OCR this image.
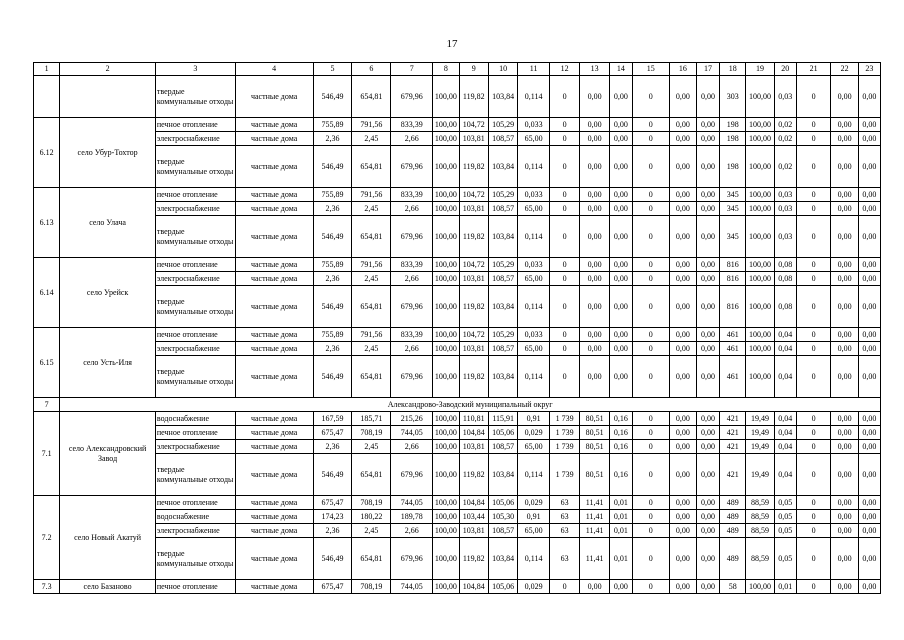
17
1	2	3	4	5	6	7	8	9	10	11	12	13	14	15	16	17	18	19	20	21	22	23
		твердые коммунальные отходы	частные дома	546,49	654,81	679,96	100,00	119,82	103,84	0,114	0	0,00	0,00	0	0,00	0,00	303	100,00	0,03	0	0,00	0,00
6.12	село Убур-Тохтор	печное отопление	частные дома	755,89	791,56	833,39	100,00	104,72	105,29	0,033	0	0,00	0,00	0	0,00	0,00	198	100,00	0,02	0	0,00	0,00
		электроснабжение	частные дома	2,36	2,45	2,66	100,00	103,81	108,57	65,00	0	0,00	0,00	0	0,00	0,00	198	100,00	0,02	0	0,00	0,00
		твердые коммунальные отходы	частные дома	546,49	654,81	679,96	100,00	119,82	103,84	0,114	0	0,00	0,00	0	0,00	0,00	198	100,00	0,02	0	0,00	0,00
6.13	село Улача	печное отопление	частные дома	755,89	791,56	833,39	100,00	104,72	105,29	0,033	0	0,00	0,00	0	0,00	0,00	345	100,00	0,03	0	0,00	0,00
		электроснабжение	частные дома	2,36	2,45	2,66	100,00	103,81	108,57	65,00	0	0,00	0,00	0	0,00	0,00	345	100,00	0,03	0	0,00	0,00
		твердые коммунальные отходы	частные дома	546,49	654,81	679,96	100,00	119,82	103,84	0,114	0	0,00	0,00	0	0,00	0,00	345	100,00	0,03	0	0,00	0,00
6.14	село Урейск	печное отопление	частные дома	755,89	791,56	833,39	100,00	104,72	105,29	0,033	0	0,00	0,00	0	0,00	0,00	816	100,00	0,08	0	0,00	0,00
		электроснабжение	частные дома	2,36	2,45	2,66	100,00	103,81	108,57	65,00	0	0,00	0,00	0	0,00	0,00	816	100,00	0,08	0	0,00	0,00
		твердые коммунальные отходы	частные дома	546,49	654,81	679,96	100,00	119,82	103,84	0,114	0	0,00	0,00	0	0,00	0,00	816	100,00	0,08	0	0,00	0,00
6.15	село Усть-Иля	печное отопление	частные дома	755,89	791,56	833,39	100,00	104,72	105,29	0,033	0	0,00	0,00	0	0,00	0,00	461	100,00	0,04	0	0,00	0,00
		электроснабжение	частные дома	2,36	2,45	2,66	100,00	103,81	108,57	65,00	0	0,00	0,00	0	0,00	0,00	461	100,00	0,04	0	0,00	0,00
		твердые коммунальные отходы	частные дома	546,49	654,81	679,96	100,00	119,82	103,84	0,114	0	0,00	0,00	0	0,00	0,00	461	100,00	0,04	0	0,00	0,00
7	Александрово-Заводский муниципальный округ																					
7.1	село Александровский Завод	водоснабжение	частные дома	167,59	185,71	215,26	100,00	110,81	115,91	0,91	1 739	80,51	0,16	0	0,00	0,00	421	19,49	0,04	0	0,00	0,00
		печное отопление	частные дома	675,47	708,19	744,05	100,00	104,84	105,06	0,029	1 739	80,51	0,16	0	0,00	0,00	421	19,49	0,04	0	0,00	0,00
		электроснабжение	частные дома	2,36	2,45	2,66	100,00	103,81	108,57	65,00	1 739	80,51	0,16	0	0,00	0,00	421	19,49	0,04	0	0,00	0,00
		твердые коммунальные отходы	частные дома	546,49	654,81	679,96	100,00	119,82	103,84	0,114	1 739	80,51	0,16	0	0,00	0,00	421	19,49	0,04	0	0,00	0,00
7.2	село Новый Акатуй	печное отопление	частные дома	675,47	708,19	744,05	100,00	104,84	105,06	0,029	63	11,41	0,01	0	0,00	0,00	489	88,59	0,05	0	0,00	0,00
		водоснабжение	частные дома	174,23	180,22	189,78	100,00	103,44	105,30	0,91	63	11,41	0,01	0	0,00	0,00	489	88,59	0,05	0	0,00	0,00
		электроснабжение	частные дома	2,36	2,45	2,66	100,00	103,81	108,57	65,00	63	11,41	0,01	0	0,00	0,00	489	88,59	0,05	0	0,00	0,00
		твердые коммунальные отходы	частные дома	546,49	654,81	679,96	100,00	119,82	103,84	0,114	63	11,41	0,01	0	0,00	0,00	489	88,59	0,05	0	0,00	0,00
7.3	село Базаново	печное отопление	частные дома	675,47	708,19	744,05	100,00	104,84	105,06	0,029	0	0,00	0,00	0	0,00	0,00	58	100,00	0,01	0	0,00	0,00
